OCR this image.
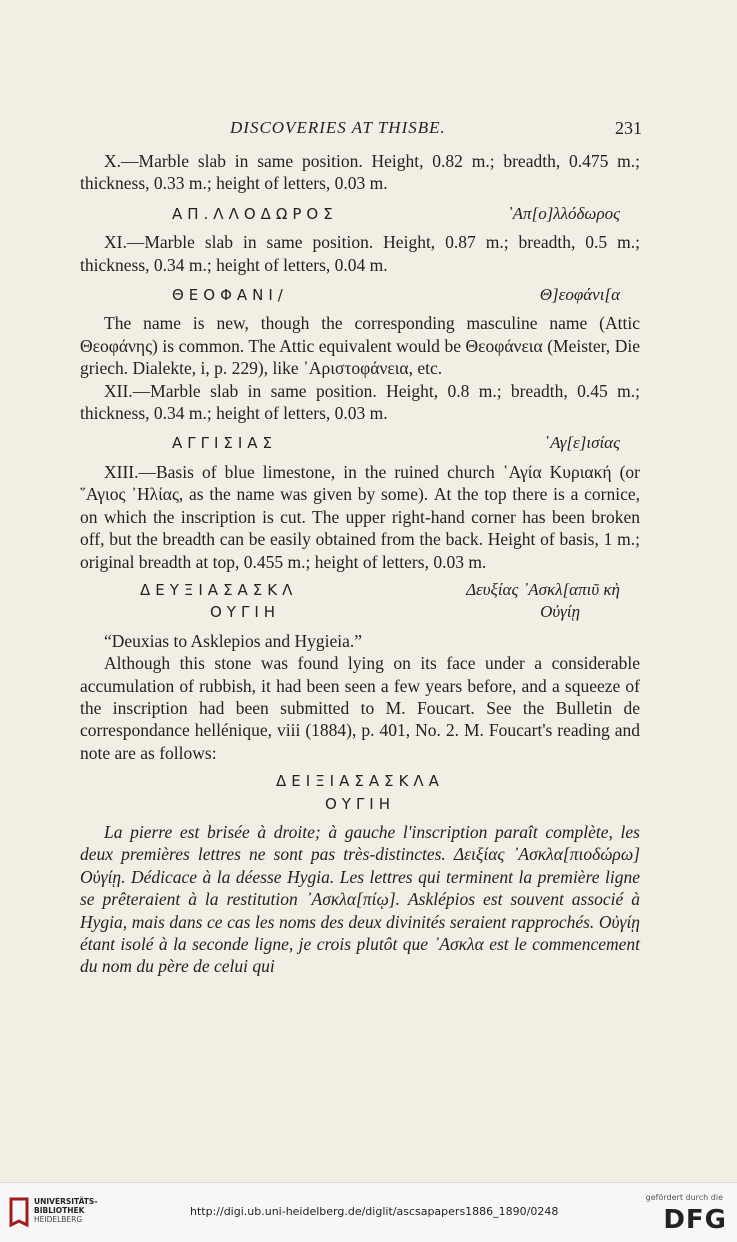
DISCOVERIES AT THISBE.	231

X.—Marble slab in same position. Height, 0.82 m.; breadth, 0.475 m.; thickness, 0.33 m.; height of letters, 0.03 m.

ΑΠ.ΛΛΟΔΩΡΟΣ	᾽Απ[ο]λλόδωρος

XI.—Marble slab in same position. Height, 0.87 m.; breadth, 0.5 m.; thickness, 0.34 m.; height of letters, 0.04 m.

ΘΕΟΦΑΝΙ/	Θ]εοφάνι[α

The name is new, though the corresponding masculine name (Attic Θεοφάνης) is common. The Attic equivalent would be Θεοφάνεια (Meister, Die griech. Dialekte, i, p. 229), like ᾽Αριστοφάνεια, etc.

XII.—Marble slab in same position. Height, 0.8 m.; breadth, 0.45 m.; thickness, 0.34 m.; height of letters, 0.03 m.

ΑΓΓΙΣΙΑΣ	῾Αγ[ε]ισίας

XIII.—Basis of blue limestone, in the ruined church ῾Αγία Κυριακή (or ῞Αγιος ᾽Ηλίας, as the name was given by some). At the top there is a cornice, on which the inscription is cut. The upper right-hand corner has been broken off, but the breadth can be easily obtained from the back. Height of basis, 1 m.; original breadth at top, 0.455 m.; height of letters, 0.03 m.

ΔΕΥΞΙΑΣΑΣΚΛ	Δευξίας ᾽Ασκλ[απιῦ κὴ
ΟΥΓΙΗ	Οὐγίῃ

“Deuxias to Asklepios and Hygieia.”

Although this stone was found lying on its face under a considerable accumulation of rubbish, it had been seen a few years before, and a squeeze of the inscription had been submitted to M. Foucart. See the Bulletin de correspondance hellénique, viii (1884), p. 401, No. 2. M. Foucart's reading and note are as follows:

ΔΕΙΞΙΑΣΑΣΚΛΑ
ΟΥΓΙΗ

La pierre est brisée à droite; à gauche l'inscription paraît complète, les deux premières lettres ne sont pas très-distinctes. Δειξίας ᾽Ασκλα[πιοδώρω] Οὐγίῃ. Dédicace à la déesse Hygia. Les lettres qui terminent la première ligne se prêteraient à la restitution ᾽Ασκλα[πίῳ]. Asklépios est souvent associé à Hygia, mais dans ce cas les noms des deux divinités seraient rapprochés. Οὐγίῃ étant isolé à la seconde ligne, je crois plutôt que ᾽Ασκλα est le commencement du nom du père de celui qui

UNIVERSITÄTS-
BIBLIOTHEK
HEIDELBERG
http://digi.ub.uni-heidelberg.de/diglit/ascsapapers1886_1890/0248
gefördert durch die
DFG
